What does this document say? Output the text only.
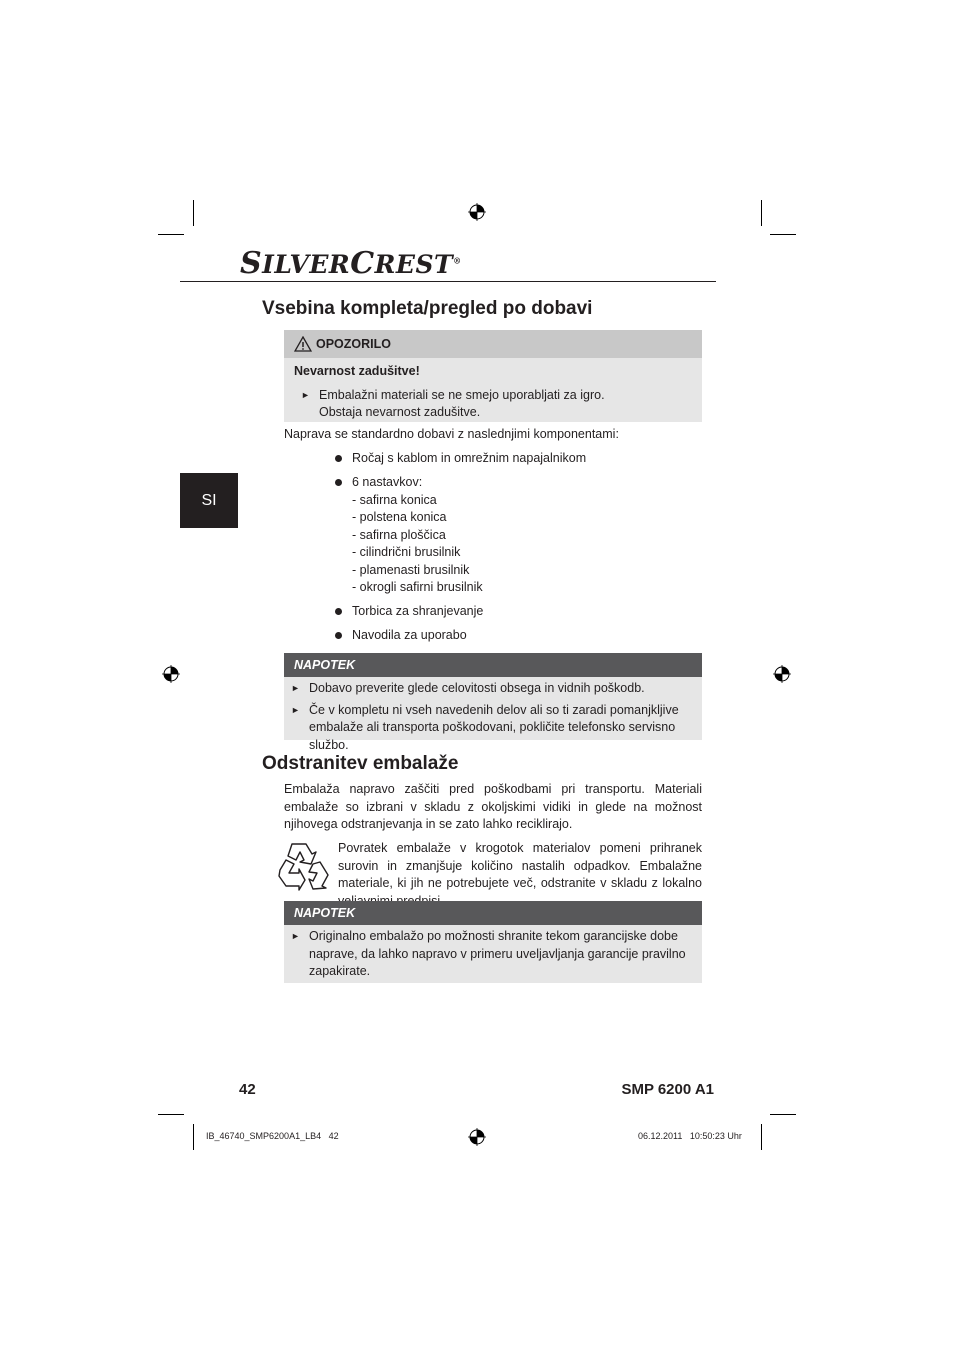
SILVERCREST®
SI
Vsebina kompleta/pregled po dobavi
OPOZORILO
Nevarnost zadušitve!
► Embalažni materiali se ne smejo uporabljati za igro. Obstaja nevarnost zadušitve.
Naprava se standardno dobavi z naslednjimi komponentami:
Ročaj s kablom in omrežnim napajalnikom
6 nastavkov:
- safirna konica
- polstena konica
- safirna ploščica
- cilindrični brusilnik
- plamenasti brusilnik
- okrogli safirni brusilnik
Torbica za shranjevanje
Navodila za uporabo
NAPOTEK
► Dobavo preverite glede celovitosti obsega in vidnih poškodb.
► Če v kompletu ni vseh navedenih delov ali so ti zaradi pomanjkljive embalaže ali transporta poškodovani, pokličite telefonsko servisno službo.
Odstranitev embalaže
Embalaža napravo zaščiti pred poškodbami pri transportu. Materiali embalaže so izbrani v skladu z okoljskimi vidiki in glede na možnost njihovega odstranjevanja in se zato lahko reciklirajo.
Povratek embalaže v krogotok materialov pomeni prihranek surovin in zmanjšuje količino nastalih odpadkov. Embalažne materiale, ki jih ne potrebujete več, odstranite v skladu z lokalno
NAPOTEK
► Originalno embalažo po možnosti shranite tekom garancijske dobe naprave, da lahko napravo v primeru uveljavljanja garancije pravilno zapakirate.
42	SMP 6200 A1
IB_46740_SMP6200A1_LB4   42	06.12.2011   10:50:23 Uhr
